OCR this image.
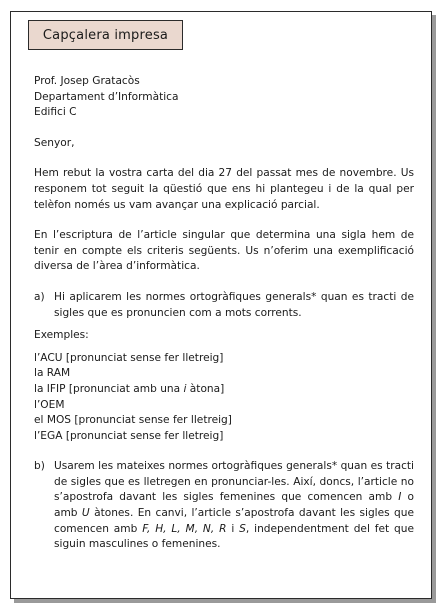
Capçalera impresa

Prof. Josep Gratacòs

Departament d’Informàtica

Edifici C

Senyor,

Hem rebut la vostra carta del dia 27 del passat mes de novembre. Us responem tot seguit la qüestió que ens hi plantegeu i de la qual per telèfon només us vam avançar una explicació parcial.

En l’escriptura de l’article singular que determina una sigla hem de tenir en compte els criteris següents. Us n’oferim una exemplificació diversa de l’àrea d’informàtica.

a) Hi aplicarem les normes ortogràfiques generals* quan es tracti de sigles que es pronuncien com a mots corrents.

Exemples:

l’ACU [pronunciat sense fer lletreig]

la RAM

la IFIP [pronunciat amb una i àtona]

l’OEM

el MOS [pronunciat sense fer lletreig]

l’EGA [pronunciat sense fer lletreig]

b) Usarem les mateixes normes ortogràfiques generals* quan es tracti de sigles que es lletregen en pronunciar-les. Així, doncs, l’article no s’apostrofa davant les sigles femenines que comencen amb I o amb U àtones. En canvi, l’article s’apostrofa davant les sigles que comencen amb F, H, L, M, N, R i S, independentment del fet que siguin masculines o femenines.
